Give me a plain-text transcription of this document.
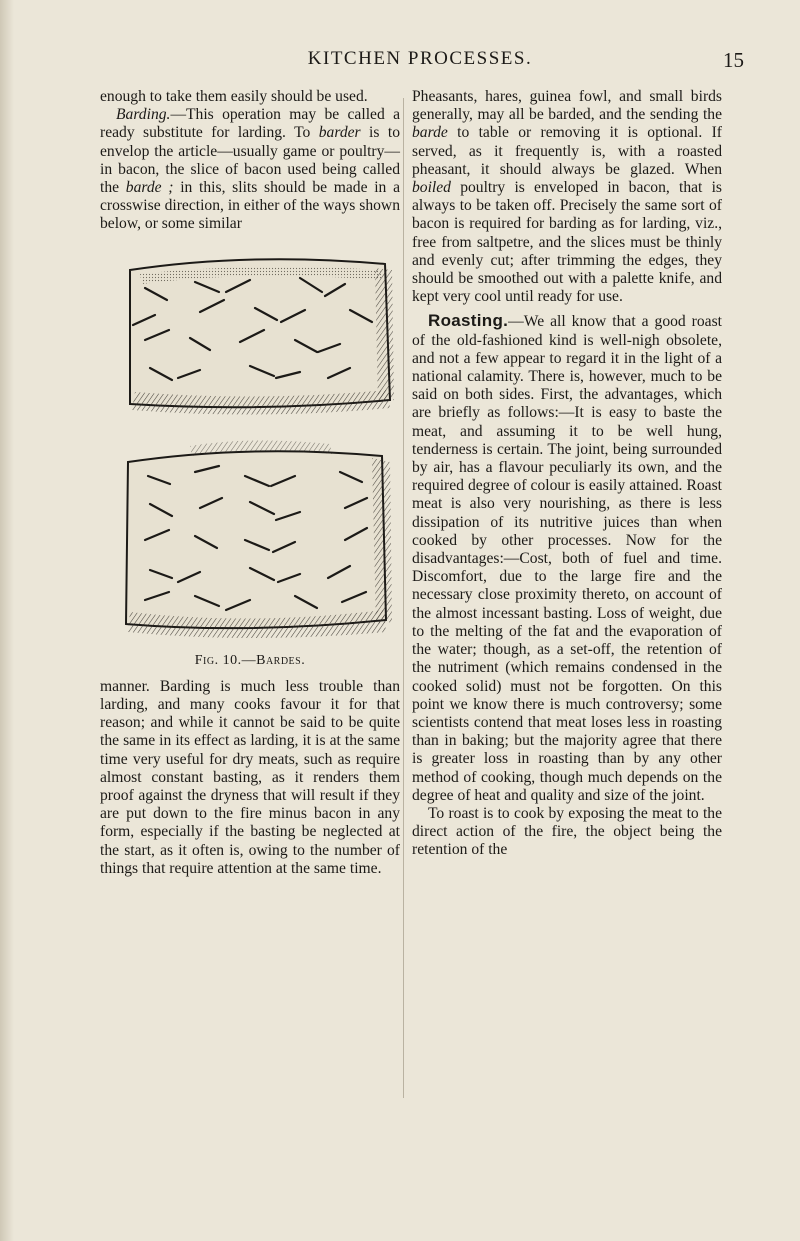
KITCHEN PROCESSES.	15

enough to take them easily should be used.

Barding.—This operation may be called a ready substitute for larding. To barder is to envelop the article—usually game or poultry—in bacon, the slice of bacon used being called the barde ; in this, slits should be made in a crosswise direction, in either of the ways shown below, or some similar

Fig. 10.—Bardes.

manner. Barding is much less trouble than larding, and many cooks favour it for that reason; and while it cannot be said to be quite the same in its effect as larding, it is at the same time very useful for dry meats, such as require almost constant basting, as it renders them proof against the dryness that will result if they are put down to the fire minus bacon in any form, especially if the basting be neglected at the start, as it often is, owing to the number of things that require attention at the same time.

Pheasants, hares, guinea fowl, and small birds generally, may all be barded, and the sending the barde to table or removing it is optional. If served, as it frequently is, with a roasted pheasant, it should always be glazed. When boiled poultry is enveloped in bacon, that is always to be taken off. Precisely the same sort of bacon is required for barding as for larding, viz., free from saltpetre, and the slices must be thinly and evenly cut; after trimming the edges, they should be smoothed out with a palette knife, and kept very cool until ready for use.

Roasting.—We all know that a good roast of the old-fashioned kind is well-nigh obsolete, and not a few appear to regard it in the light of a national calamity. There is, however, much to be said on both sides. First, the advantages, which are briefly as follows:—It is easy to baste the meat, and assuming it to be well hung, tenderness is certain. The joint, being surrounded by air, has a flavour peculiarly its own, and the required degree of colour is easily attained. Roast meat is also very nourishing, as there is less dissipation of its nutritive juices than when cooked by other processes. Now for the disadvantages:—Cost, both of fuel and time. Discomfort, due to the large fire and the necessary close proximity thereto, on account of the almost incessant basting. Loss of weight, due to the melting of the fat and the evaporation of the water; though, as a set-off, the retention of the nutriment (which remains condensed in the cooked solid) must not be forgotten. On this point we know there is much controversy; some scientists contend that meat loses less in roasting than in baking; but the majority agree that there is greater loss in roasting than by any other method of cooking, though much depends on the degree of heat and quality and size of the joint.

To roast is to cook by exposing the meat to the direct action of the fire, the object being the retention of the
